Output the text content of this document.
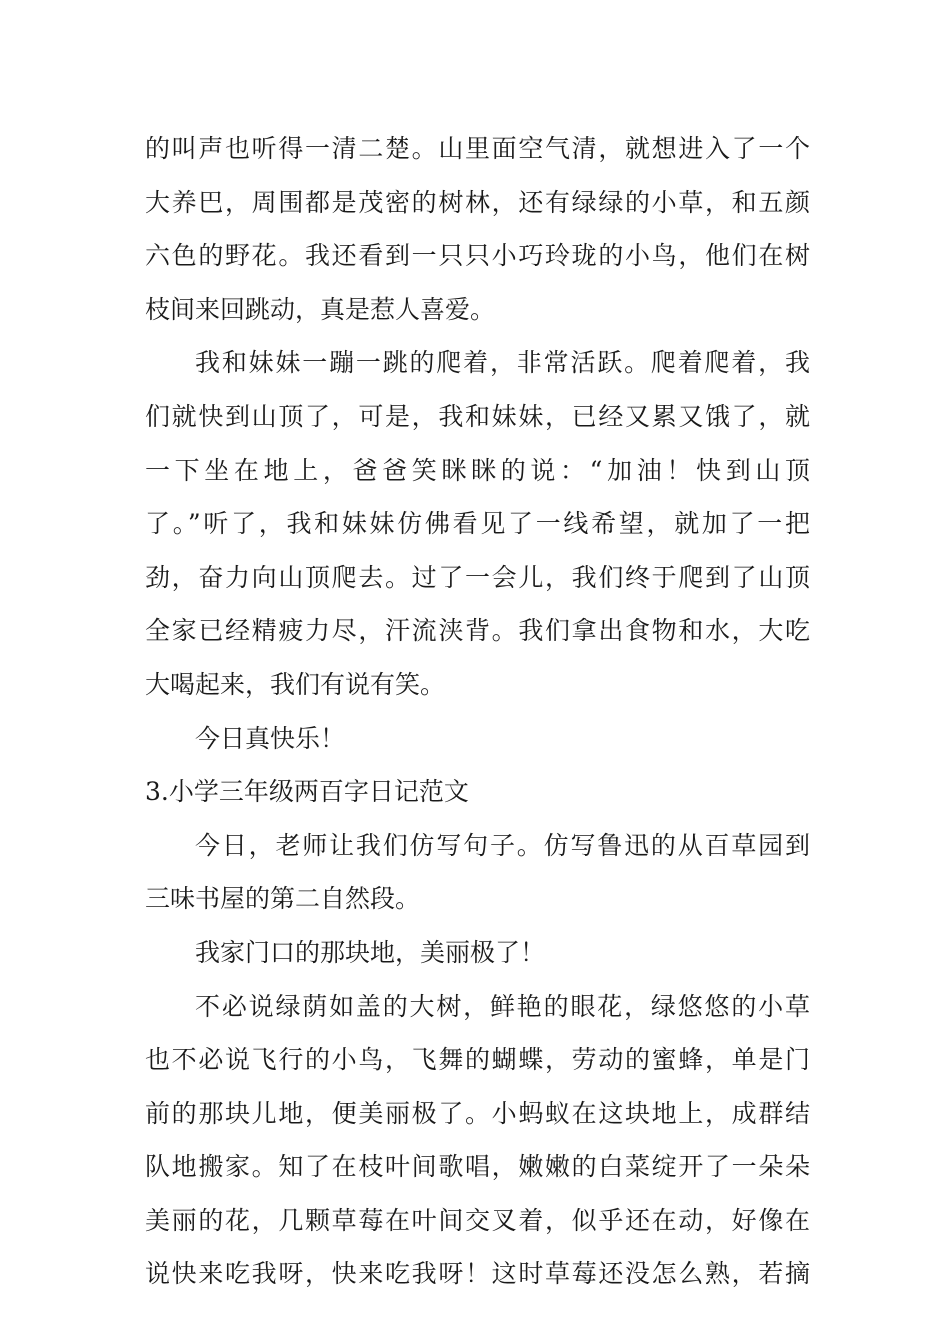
的叫声也听得一清二楚。山里面空气清，就想进入了一个
大养巴，周围都是茂密的树林，还有绿绿的小草，和五颜
六色的野花。我还看到一只只小巧玲珑的小鸟，他们在树
枝间来回跳动，真是惹人喜爱。
我和妹妹一蹦一跳的爬着，非常活跃。爬着爬着，我
们就快到山顶了，可是，我和妹妹，已经又累又饿了，就
一下坐在地上，爸爸笑眯眯的说：“加油！快到山顶
了。”听了，我和妹妹仿佛看见了一线希望，就加了一把
劲，奋力向山顶爬去。过了一会儿，我们终于爬到了山顶
全家已经精疲力尽，汗流浃背。我们拿出食物和水，大吃
大喝起来，我们有说有笑。
今日真快乐！
3.小学三年级两百字日记范文
今日，老师让我们仿写句子。仿写鲁迅的从百草园到
三味书屋的第二自然段。
我家门口的那块地，美丽极了！
不必说绿荫如盖的大树，鲜艳的眼花，绿悠悠的小草
也不必说飞行的小鸟，飞舞的蝴蝶，劳动的蜜蜂，单是门
前的那块儿地，便美丽极了。小蚂蚁在这块地上，成群结
队地搬家。知了在枝叶间歌唱，嫩嫩的白菜绽开了一朵朵
美丽的花，几颗草莓在叶间交叉着，似乎还在动，好像在
说快来吃我呀，快来吃我呀！这时草莓还没怎么熟，若摘
